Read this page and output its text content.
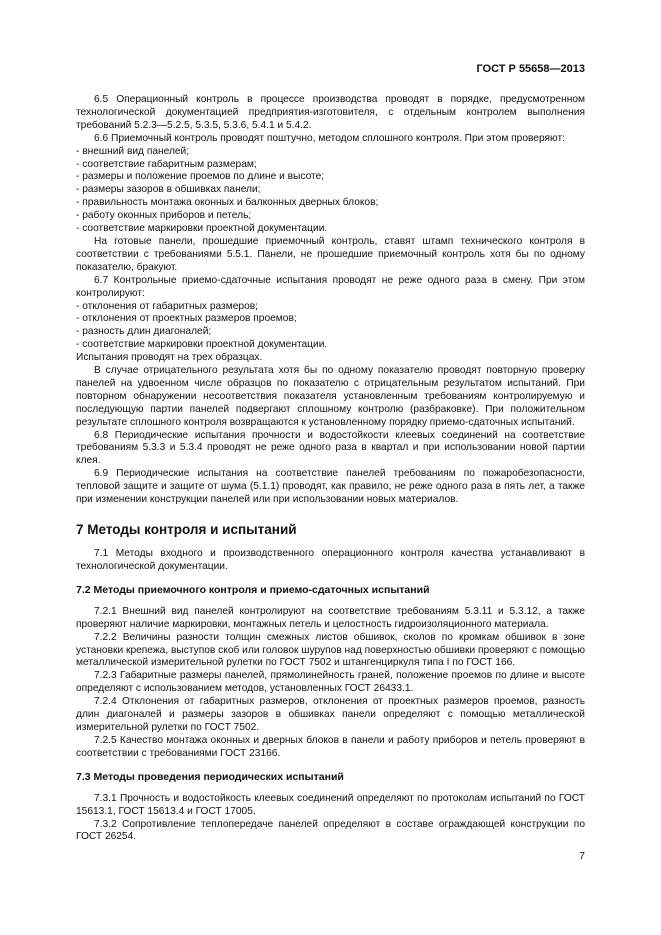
ГОСТ Р 55658—2013
6.5 Операционный контроль в процессе производства проводят в порядке, предусмотренном технологической документацией предприятия-изготовителя, с отдельным контролем выполнения требований 5.2.3—5.2.5, 5.3.5, 5.3.6, 5.4.1 и 5.4.2.
6.6 Приемочный контроль проводят поштучно, методом сплошного контроля. При этом проверяют:
- внешний вид панелей;
- соответствие габаритным размерам;
- размеры и положение проемов по длине и высоте;
- размеры зазоров в обшивках панели;
- правильность монтажа оконных и балконных дверных блоков;
- работу оконных приборов и петель;
- соответствие маркировки проектной документации.
На готовые панели, прошедшие приемочный контроль, ставят штамп технического контроля в соответствии с требованиями 5.5.1. Панели, не прошедшие приемочный контроль хотя бы по одному показателю, бракуют.
6.7 Контрольные приемо-сдаточные испытания проводят не реже одного раза в смену. При этом контролируют:
- отклонения от габаритных размеров;
- отклонения от проектных размеров проемов;
- разность длин диагоналей;
- соответствие маркировки проектной документации.
Испытания проводят на трех образцах.
В случае отрицательного результата хотя бы по одному показателю проводят повторную проверку панелей на удвоенном числе образцов по показателю с отрицательным результатом испытаний. При повторном обнаружении несоответствия показателя установленным требованиям контролируемую и последующую партии панелей подвергают сплошному контролю (разбраковке). При положительном результате сплошного контроля возвращаются к установленному порядку приемо-сдаточных испытаний.
6.8 Периодические испытания прочности и водостойкости клеевых соединений на соответствие требованиям 5.3.3 и 5.3.4 проводят не реже одного раза в квартал и при использовании новой партии клея.
6.9 Периодические испытания на соответствие панелей требованиям по пожаробезопасности, тепловой защите и защите от шума (5.1.1) проводят, как правило, не реже одного раза в пять лет, а также при изменении конструкции панелей или при использовании новых материалов.
7 Методы контроля и испытаний
7.1 Методы входного и производственного операционного контроля качества устанавливают в технологической документации.
7.2 Методы приемочного контроля и приемо-сдаточных испытаний
7.2.1 Внешний вид панелей контролируют на соответствие требованиям 5.3.11 и 5.3.12, а также проверяют наличие маркировки, монтажных петель и целостность гидроизоляционного материала.
7.2.2 Величины разности толщин смежных листов обшивок, сколов по кромкам обшивок в зоне установки крепежа, выступов скоб или головок шурупов над поверхностью обшивки проверяют с помощью металлической измерительной рулетки по ГОСТ 7502 и штангенциркуля типа I по ГОСТ 166.
7.2.3 Габаритные размеры панелей, прямолинейность граней, положение проемов по длине и высоте определяют с использованием методов, установленных ГОСТ 26433.1.
7.2.4 Отклонения от габаритных размеров, отклонения от проектных размеров проемов, разность длин диагоналей и размеры зазоров в обшивках панели определяют с помощью металлической измерительной рулетки по ГОСТ 7502.
7.2.5 Качество монтажа оконных и дверных блоков в панели и работу приборов и петель проверяют в соответствии с требованиями ГОСТ 23166.
7.3 Методы проведения периодических испытаний
7.3.1 Прочность и водостойкость клеевых соединений определяют по протоколам испытаний по ГОСТ 15613.1, ГОСТ 15613.4 и ГОСТ 17005.
7.3.2 Сопротивление теплопередаче панелей определяют в составе ограждающей конструкции по ГОСТ 26254.
7
